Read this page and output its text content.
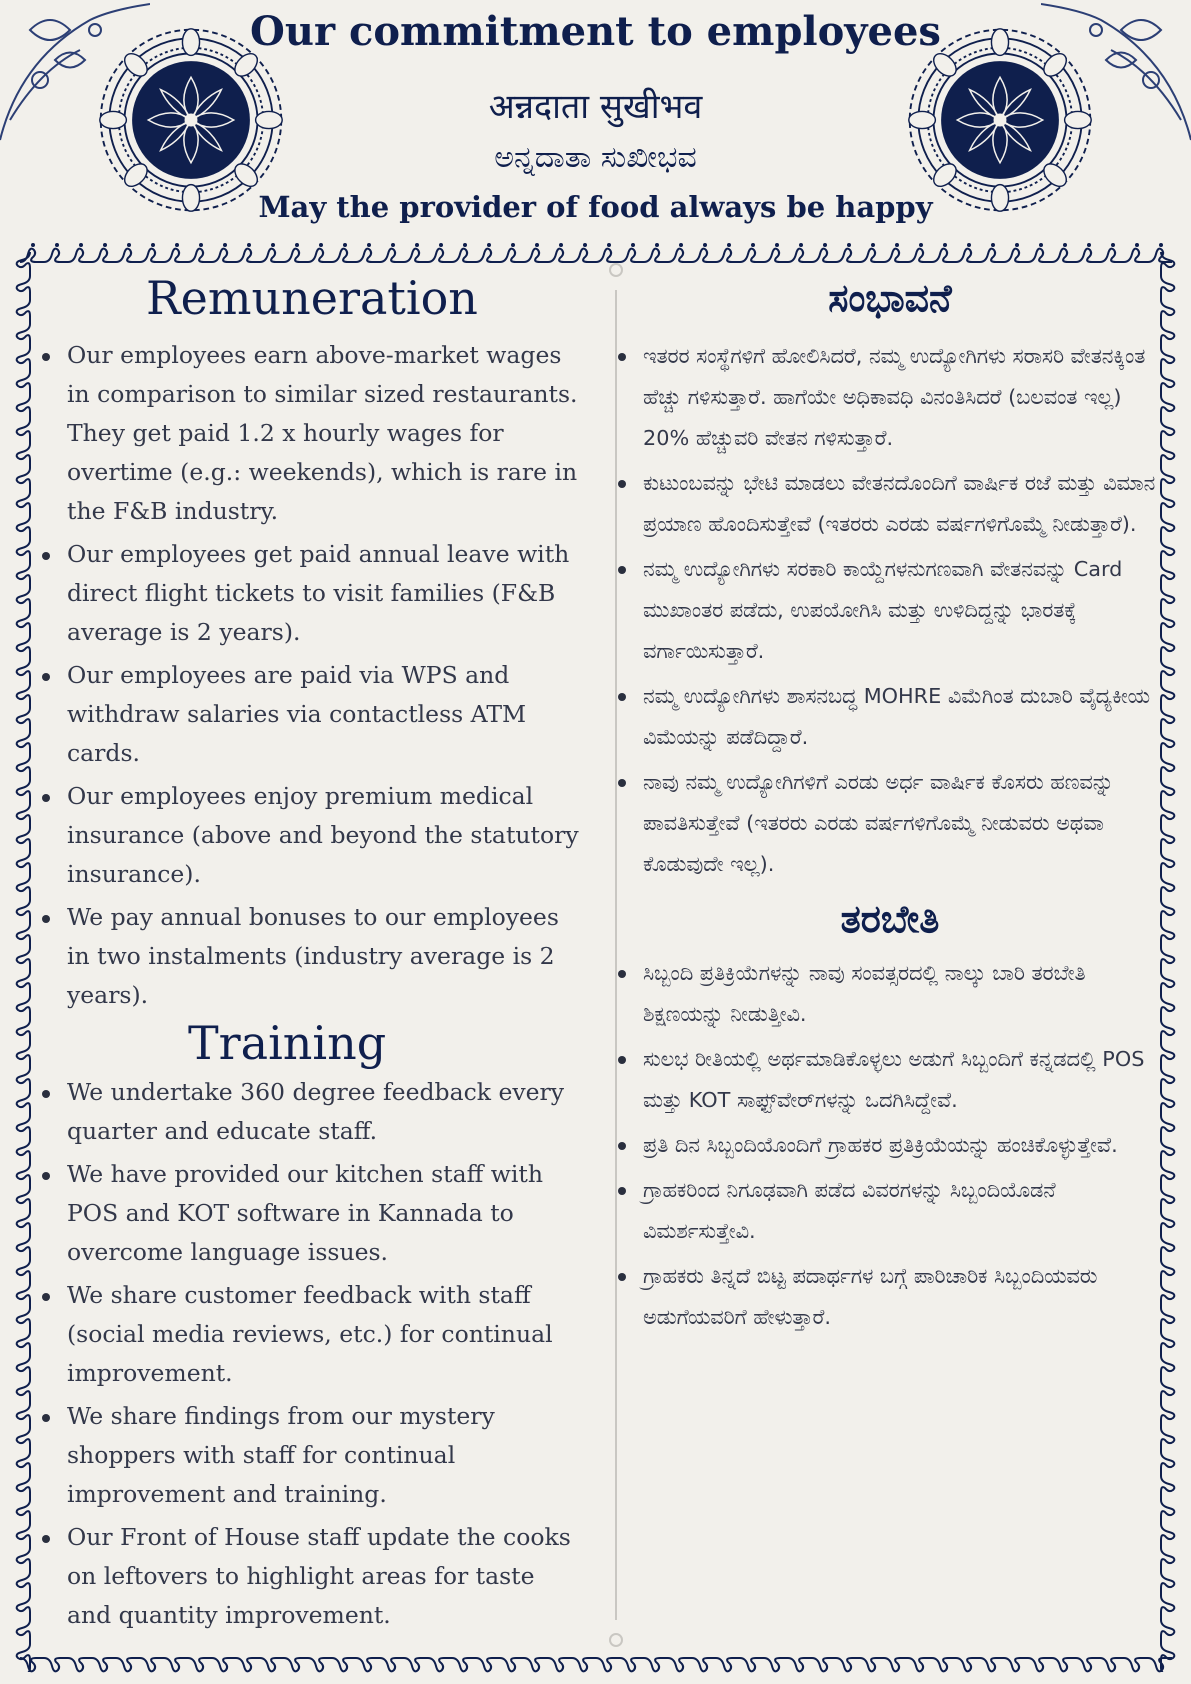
Our commitment to employees
अन्नदाता सुखीभव
ಅನ್ನದಾತಾ ಸುಖೀಭವ
May the provider of food always be happy
Remuneration
Our employees earn above-market wages in comparison to similar sized restaurants. They get paid 1.2 x hourly wages for overtime (e.g.: weekends), which is rare in the F&B industry.
Our employees get paid annual leave with direct flight tickets to visit families (F&B average is 2 years).
Our employees are paid via WPS and withdraw salaries via contactless ATM cards.
Our employees enjoy premium medical insurance (above and beyond the statutory insurance).
We pay annual bonuses to our employees in two instalments (industry average is 2 years).
Training
We undertake 360 degree feedback every quarter and educate staff.
We have provided our kitchen staff with POS and KOT software in Kannada to overcome language issues.
We share customer feedback with staff (social media reviews, etc.) for continual improvement.
We share findings from our mystery shoppers with staff for continual improvement and training.
Our Front of House staff update the cooks on leftovers to highlight areas for taste and quantity improvement.
ಸಂಭಾವನೆ
ಇತರರ ಸಂಸ್ಥೆಗಳಿಗೆ ಹೋಲಿಸಿದರೆ, ನಮ್ಮ ಉದ್ಯೋಗಿಗಳು ಸರಾಸರಿ ವೇತನಕ್ಕಿಂತ ಹೆಚ್ಚು ಗಳಿಸುತ್ತಾರೆ. ಹಾಗೆಯೇ ಅಧಿಕಾವಧಿ ವಿನಂತಿಸಿದರೆ (ಬಲವಂತ ಇಲ್ಲ) 20% ಹೆಚ್ಚುವರಿ ವೇತನ ಗಳಿಸುತ್ತಾರೆ.
ಕುಟುಂಬವನ್ನು ಭೇಟಿ ಮಾಡಲು ವೇತನದೊಂದಿಗೆ ವಾರ್ಷಿಕ ರಜೆ ಮತ್ತು ವಿಮಾನ ಪ್ರಯಾಣ ಹೊಂದಿಸುತ್ತೇವೆ (ಇತರರು ಎರಡು ವರ್ಷಗಳಿಗೊಮ್ಮೆ ನೀಡುತ್ತಾರೆ).
ನಮ್ಮ ಉದ್ಯೋಗಿಗಳು ಸರಕಾರಿ ಕಾಯ್ದೆಗಳನುಗಣವಾಗಿ ವೇತನವನ್ನು Card ಮುಖಾಂತರ ಪಡೆದು, ಉಪಯೋಗಿಸಿ ಮತ್ತು ಉಳಿದಿದ್ದನ್ನು ಭಾರತಕ್ಕೆ ವರ್ಗಾಯಿಸುತ್ತಾರೆ.
ನಮ್ಮ ಉದ್ಯೋಗಿಗಳು ಶಾಸನಬದ್ಧ MOHRE ವಿಮೆಗಿಂತ ದುಬಾರಿ ವೈದ್ಯಕೀಯ ವಿಮೆಯನ್ನು ಪಡೆದಿದ್ದಾರೆ.
ನಾವು ನಮ್ಮ ಉದ್ಯೋಗಿಗಳಿಗೆ ಎರಡು ಅರ್ಧ ವಾರ್ಷಿಕ ಕೊಸರು ಹಣವನ್ನು ಪಾವತಿಸುತ್ತೇವೆ (ಇತರರು ಎರಡು ವರ್ಷಗಳಿಗೊಮ್ಮೆ ನೀಡುವರು ಅಥವಾ ಕೊಡುವುದೇ ಇಲ್ಲ).
ತರಬೇತಿ
ಸಿಬ್ಬಂದಿ ಪ್ರತಿಕ್ರಿಯೆಗಳನ್ನು ನಾವು ಸಂವತ್ಸರದಲ್ಲಿ ನಾಲ್ಕು ಬಾರಿ ತರಬೇತಿ ಶಿಕ್ಷಣಯನ್ನು ನೀಡುತ್ತೀವಿ.
ಸುಲಭ ರೀತಿಯಲ್ಲಿ ಅರ್ಥಮಾಡಿಕೊಳ್ಳಲು ಅಡುಗೆ ಸಿಬ್ಬಂದಿಗೆ ಕನ್ನಡದಲ್ಲಿ POS ಮತ್ತು KOT ಸಾಫ್ಟ್‌ವೇರ್‌ಗಳನ್ನು ಒದಗಿಸಿದ್ದೇವೆ.
ಪ್ರತಿ ದಿನ ಸಿಬ್ಬಂದಿಯೊಂದಿಗೆ ಗ್ರಾಹಕರ ಪ್ರತಿಕ್ರಿಯೆಯನ್ನು ಹಂಚಿಕೊಳ್ಳುತ್ತೇವೆ.
ಗ್ರಾಹಕರಿಂದ ನಿಗೂಢವಾಗಿ ಪಡೆದ ವಿವರಗಳನ್ನು ಸಿಬ್ಬಂದಿಯೊಡನೆ ವಿಮರ್ಶಸುತ್ತೇವಿ.
ಗ್ರಾಹಕರು ತಿನ್ನದೆ ಬಿಟ್ಟ ಪದಾರ್ಥಗಳ ಬಗ್ಗೆ ಪಾರಿಚಾರಿಕ ಸಿಬ್ಬಂದಿಯವರು ಅಡುಗೆಯವರಿಗೆ ಹೇಳುತ್ತಾರೆ.
